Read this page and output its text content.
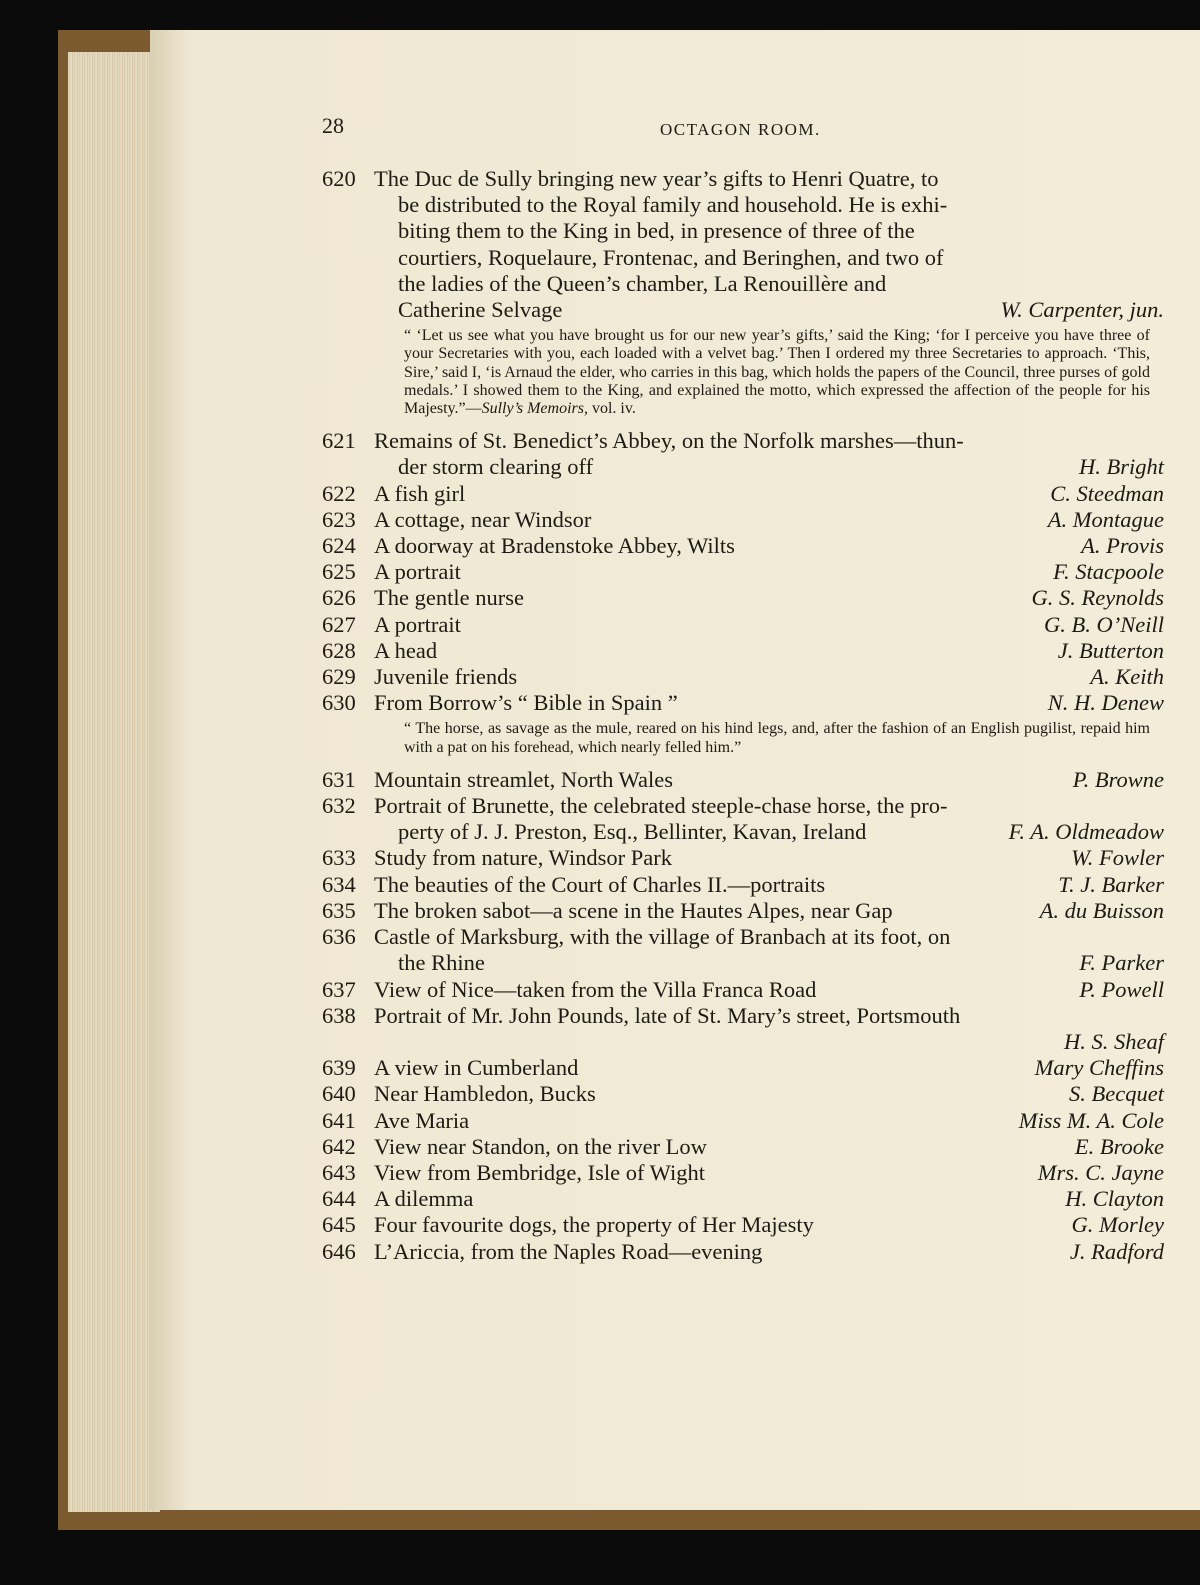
28	OCTAGON ROOM.
620 The Duc de Sully bringing new year’s gifts to Henri Quatre, to
be distributed to the Royal family and household. He is exhi-
biting them to the King in bed, in presence of three of the
courtiers, Roquelaure, Frontenac, and Beringhen, and two of
the ladies of the Queen’s chamber, La Renouillère and
Catherine Selvage	W. Carpenter, jun.
“ ‘Let us see what you have brought us for our new year’s gifts,’ said the King; ‘for I perceive you have three of your Secretaries with you, each loaded with a velvet bag.’ Then I ordered my three Secretaries to approach. ‘This, Sire,’ said I, ‘is Arnaud the elder, who carries in this bag, which holds the papers of the Council, three purses of gold medals.’ I showed them to the King, and explained the motto, which expressed the affection of the people for his Majesty.”—Sully’s Memoirs, vol. iv.
621 Remains of St. Benedict’s Abbey, on the Norfolk marshes—thun-
der storm clearing off	H. Bright
622 A fish girl	C. Steedman
623 A cottage, near Windsor	A. Montague
624 A doorway at Bradenstoke Abbey, Wilts	A. Provis
625 A portrait	F. Stacpoole
626 The gentle nurse	G. S. Reynolds
627 A portrait	G. B. O’Neill
628 A head	J. Butterton
629 Juvenile friends	A. Keith
630 From Borrow’s “ Bible in Spain ”	N. H. Denew
“ The horse, as savage as the mule, reared on his hind legs, and, after the fashion of an English pugilist, repaid him with a pat on his forehead, which nearly felled him.”
631 Mountain streamlet, North Wales	P. Browne
632 Portrait of Brunette, the celebrated steeple-chase horse, the pro-
perty of J. J. Preston, Esq., Bellinter, Kavan, Ireland	F. A. Oldmeadow
633 Study from nature, Windsor Park	W. Fowler
634 The beauties of the Court of Charles II.—portraits	T. J. Barker
635 The broken sabot—a scene in the Hautes Alpes, near Gap	A. du Buisson
636 Castle of Marksburg, with the village of Branbach at its foot, on
the Rhine	F. Parker
637 View of Nice—taken from the Villa Franca Road	P. Powell
638 Portrait of Mr. John Pounds, late of St. Mary’s street, Portsmouth
H. S. Sheaf
639 A view in Cumberland	Mary Cheffins
640 Near Hambledon, Bucks	S. Becquet
641 Ave Maria	Miss M. A. Cole
642 View near Standon, on the river Low	E. Brooke
643 View from Bembridge, Isle of Wight	Mrs. C. Jayne
644 A dilemma	H. Clayton
645 Four favourite dogs, the property of Her Majesty	G. Morley
646 L’Ariccia, from the Naples Road—evening	J. Radford
